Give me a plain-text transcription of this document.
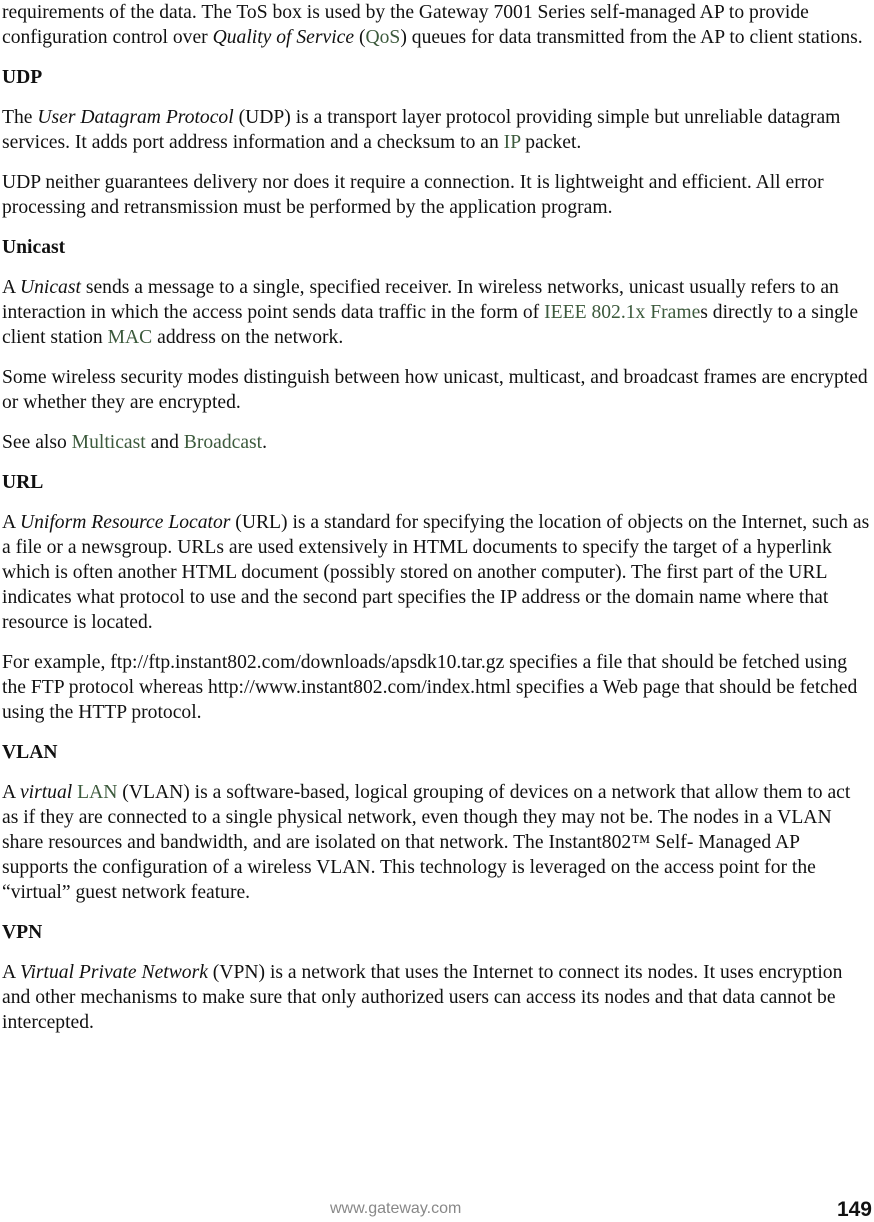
requirements of the data. The ToS box is used by the Gateway 7001 Series self-managed AP to provide configuration control over Quality of Service (QoS) queues for data transmitted from the AP to client stations.

UDP

The User Datagram Protocol (UDP) is a transport layer protocol providing simple but unreliable datagram services. It adds port address information and a checksum to an IP packet.

UDP neither guarantees delivery nor does it require a connection. It is lightweight and efficient. All error processing and retransmission must be performed by the application program.

Unicast

A Unicast sends a message to a single, specified receiver. In wireless networks, unicast usually refers to an interaction in which the access point sends data traffic in the form of IEEE 802.1x Frames directly to a single client station MAC address on the network.

Some wireless security modes distinguish between how unicast, multicast, and broadcast frames are encrypted or whether they are encrypted.

See also Multicast and Broadcast.

URL

A Uniform Resource Locator (URL) is a standard for specifying the location of objects on the Internet, such as a file or a newsgroup. URLs are used extensively in HTML documents to specify the target of a hyperlink which is often another HTML document (possibly stored on another computer). The first part of the URL indicates what protocol to use and the second part specifies the IP address or the domain name where that resource is located.

For example, ftp://ftp.instant802.com/downloads/apsdk10.tar.gz specifies a file that should be fetched using the FTP protocol whereas http://www.instant802.com/index.html specifies a Web page that should be fetched using the HTTP protocol.

VLAN

A virtual LAN (VLAN) is a software-based, logical grouping of devices on a network that allow them to act as if they are connected to a single physical network, even though they may not be. The nodes in a VLAN share resources and bandwidth, and are isolated on that network. The Instant802™ Self- Managed AP supports the configuration of a wireless VLAN. This technology is leveraged on the access point for the “virtual” guest network feature.

VPN

A Virtual Private Network (VPN) is a network that uses the Internet to connect its nodes. It uses encryption and other mechanisms to make sure that only authorized users can access its nodes and that data cannot be intercepted.

www.gateway.com	149
